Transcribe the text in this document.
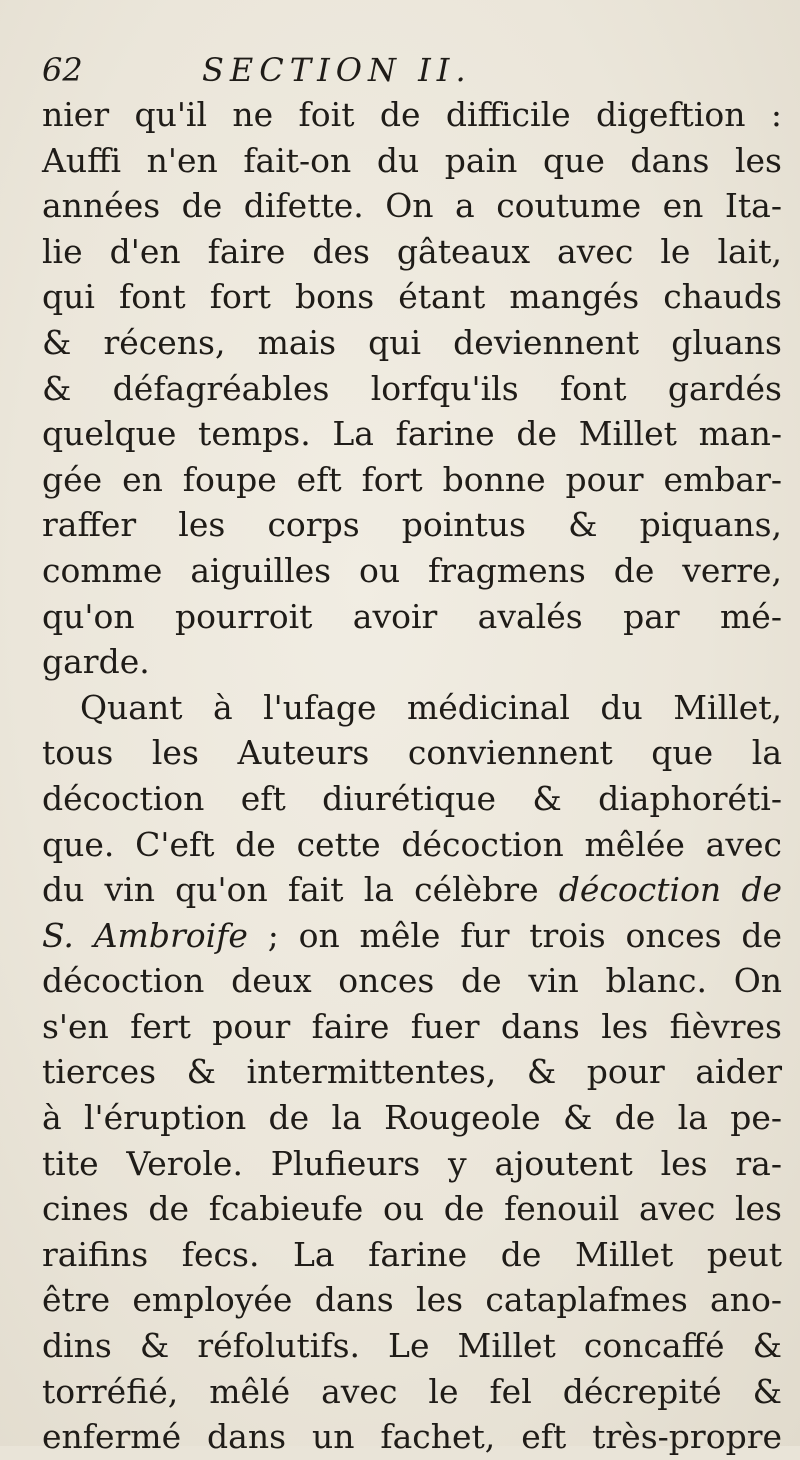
62	SECTION II.
nier qu'il ne foit de difficile digeftion :
Auffi n'en fait-on du pain que dans les
années de difette. On a coutume en Ita-
lie d'en faire des gâteaux avec le lait,
qui font fort bons étant mangés chauds
& récens, mais qui deviennent gluans
& défagréables lorfqu'ils font gardés
quelque temps. La farine de Millet man-
gée en foupe eft fort bonne pour embar-
raffer les corps pointus & piquans,
comme aiguilles ou fragmens de verre,
qu'on pourroit avoir avalés par mé-
garde.
Quant à l'ufage médicinal du Millet,
tous les Auteurs conviennent que la
décoction eft diurétique & diaphoréti-
que. C'eft de cette décoction mêlée avec
du vin qu'on fait la célèbre décoction de
S. Ambroife ; on mêle fur trois onces de
décoction deux onces de vin blanc. On
s'en fert pour faire fuer dans les fièvres
tierces & intermittentes, & pour aider
à l'éruption de la Rougeole & de la pe-
tite Verole. Plufieurs y ajoutent les ra-
cines de fcabieufe ou de fenouil avec les
raifins fecs. La farine de Millet peut
être employée dans les cataplafmes ano-
dins & réfolutifs. Le Millet concaffé &
torréfié, mêlé avec le fel décrepité &
enfermé dans un fachet, eft très-propre
